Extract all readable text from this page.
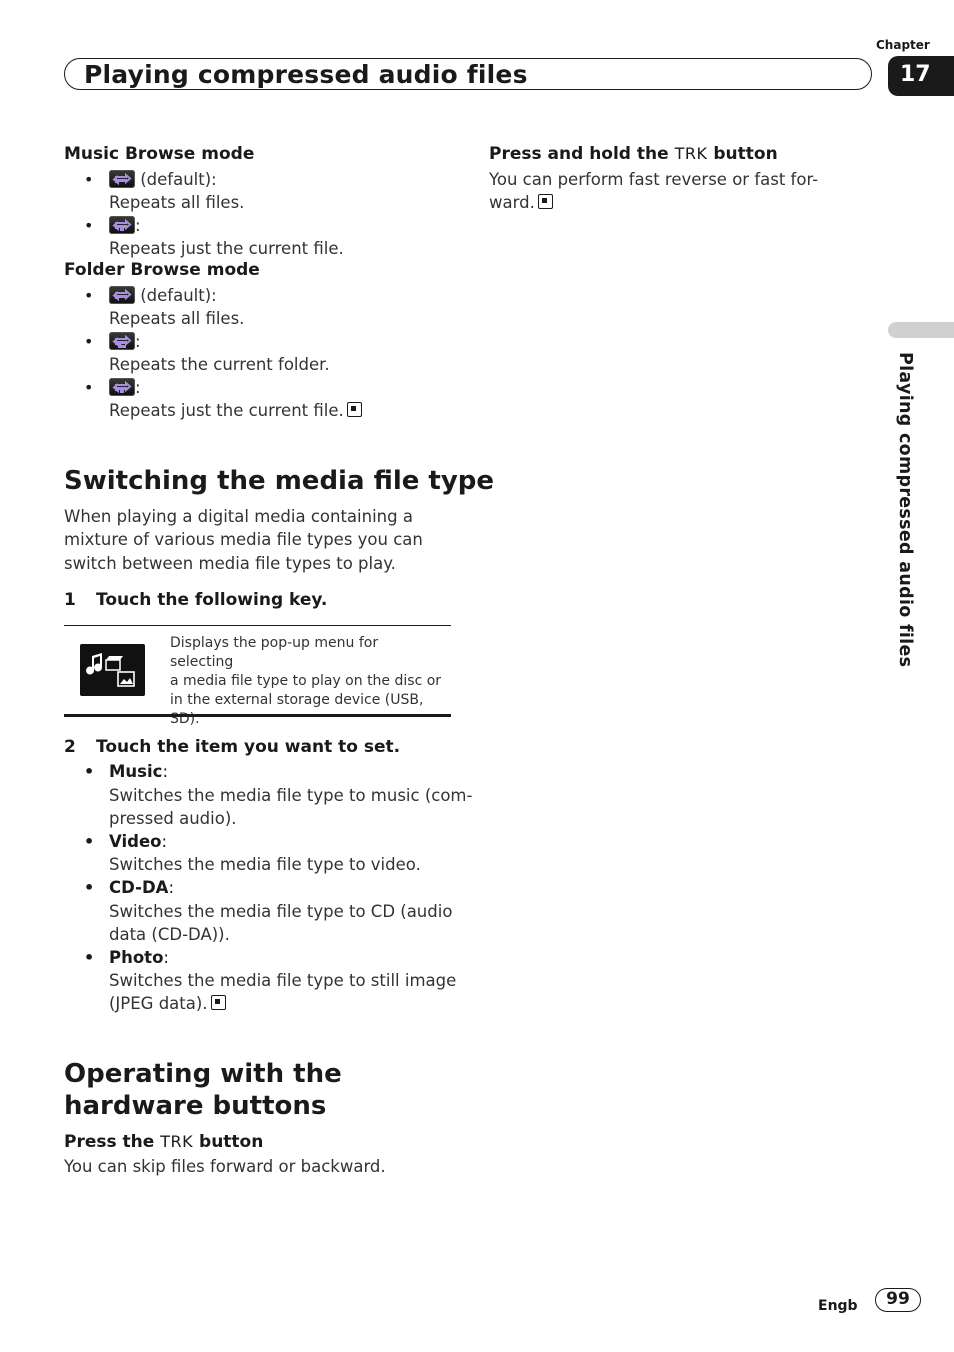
Chapter
Playing compressed audio files	17
Playing compressed audio files
Music Browse mode
•	(default):
Repeats all files.
•	:
Repeats just the current file.
Folder Browse mode
•	(default):
Repeats all files.
•	:
Repeats the current folder.
•	:
Repeats just the current file.
Switching the media file type
When playing a digital media containing a
mixture of various media file types you can
switch between media file types to play.
1 Touch the following key.
Displays the pop-up menu for selecting
a media file type to play on the disc or
in the external storage device (USB,
SD).
2 Touch the item you want to set.
• Music:
Switches the media file type to music (com-
pressed audio).
• Video:
Switches the media file type to video.
• CD-DA:
Switches the media file type to CD (audio
data (CD-DA)).
• Photo:
Switches the media file type to still image
(JPEG data).
Operating with the
hardware buttons
Press the TRK button
You can skip files forward or backward.
Press and hold the TRK button
You can perform fast reverse or fast for-
ward.
Engb	99
